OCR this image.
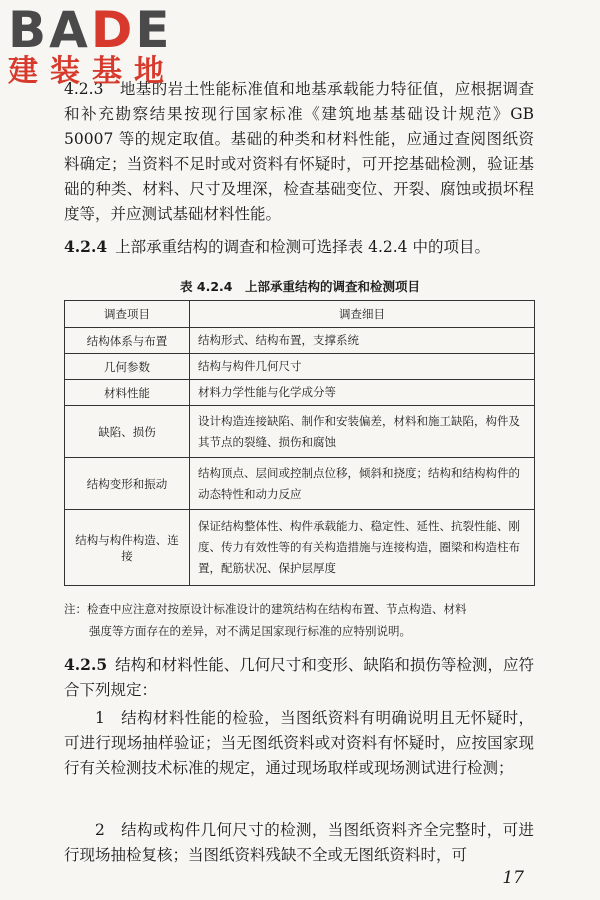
BADE
建装基地

4.2.3　地基的岩土性能标准值和地基承载能力特征值，应根据调查和补充勘察结果按现行国家标准《建筑地基基础设计规范》GB 50007 等的规定取值。基础的种类和材料性能，应通过查阅图纸资料确定；当资料不足时或对资料有怀疑时，可开挖基础检测，验证基础的种类、材料、尺寸及埋深，检查基础变位、开裂、腐蚀或损坏程度等，并应测试基础材料性能。

4.2.4 上部承重结构的调查和检测可选择表 4.2.4 中的项目。

表 4.2.4　上部承重结构的调查和检测项目
调查项目	调查细目
结构体系与布置	结构形式、结构布置，支撑系统
几何参数	结构与构件几何尺寸
材料性能	材料力学性能与化学成分等
缺陷、损伤	设计构造连接缺陷、制作和安装偏差，材料和施工缺陷，构件及其节点的裂缝、损伤和腐蚀
结构变形和振动	结构顶点、层间或控制点位移，倾斜和挠度；结构和结构构件的动态特性和动力反应
结构与构件构造、连接	保证结构整体性、构件承载能力、稳定性、延性、抗裂性能、刚度、传力有效性等的有关构造措施与连接构造，圈梁和构造柱布置，配筋状况、保护层厚度
注：检查中应注意对按原设计标准设计的建筑结构在结构布置、节点构造、材料
强度等方面存在的差异，对不满足国家现行标准的应特别说明。

4.2.5 结构和材料性能、几何尺寸和变形、缺陷和损伤等检测，应符合下列规定：

1　结构材料性能的检验，当图纸资料有明确说明且无怀疑时，可进行现场抽样验证；当无图纸资料或对资料有怀疑时，应按国家现行有关检测技术标准的规定，通过现场取样或现场测试进行检测；

2　结构或构件几何尺寸的检测，当图纸资料齐全完整时，可进行现场抽检复核；当图纸资料残缺不全或无图纸资料时，可

17
